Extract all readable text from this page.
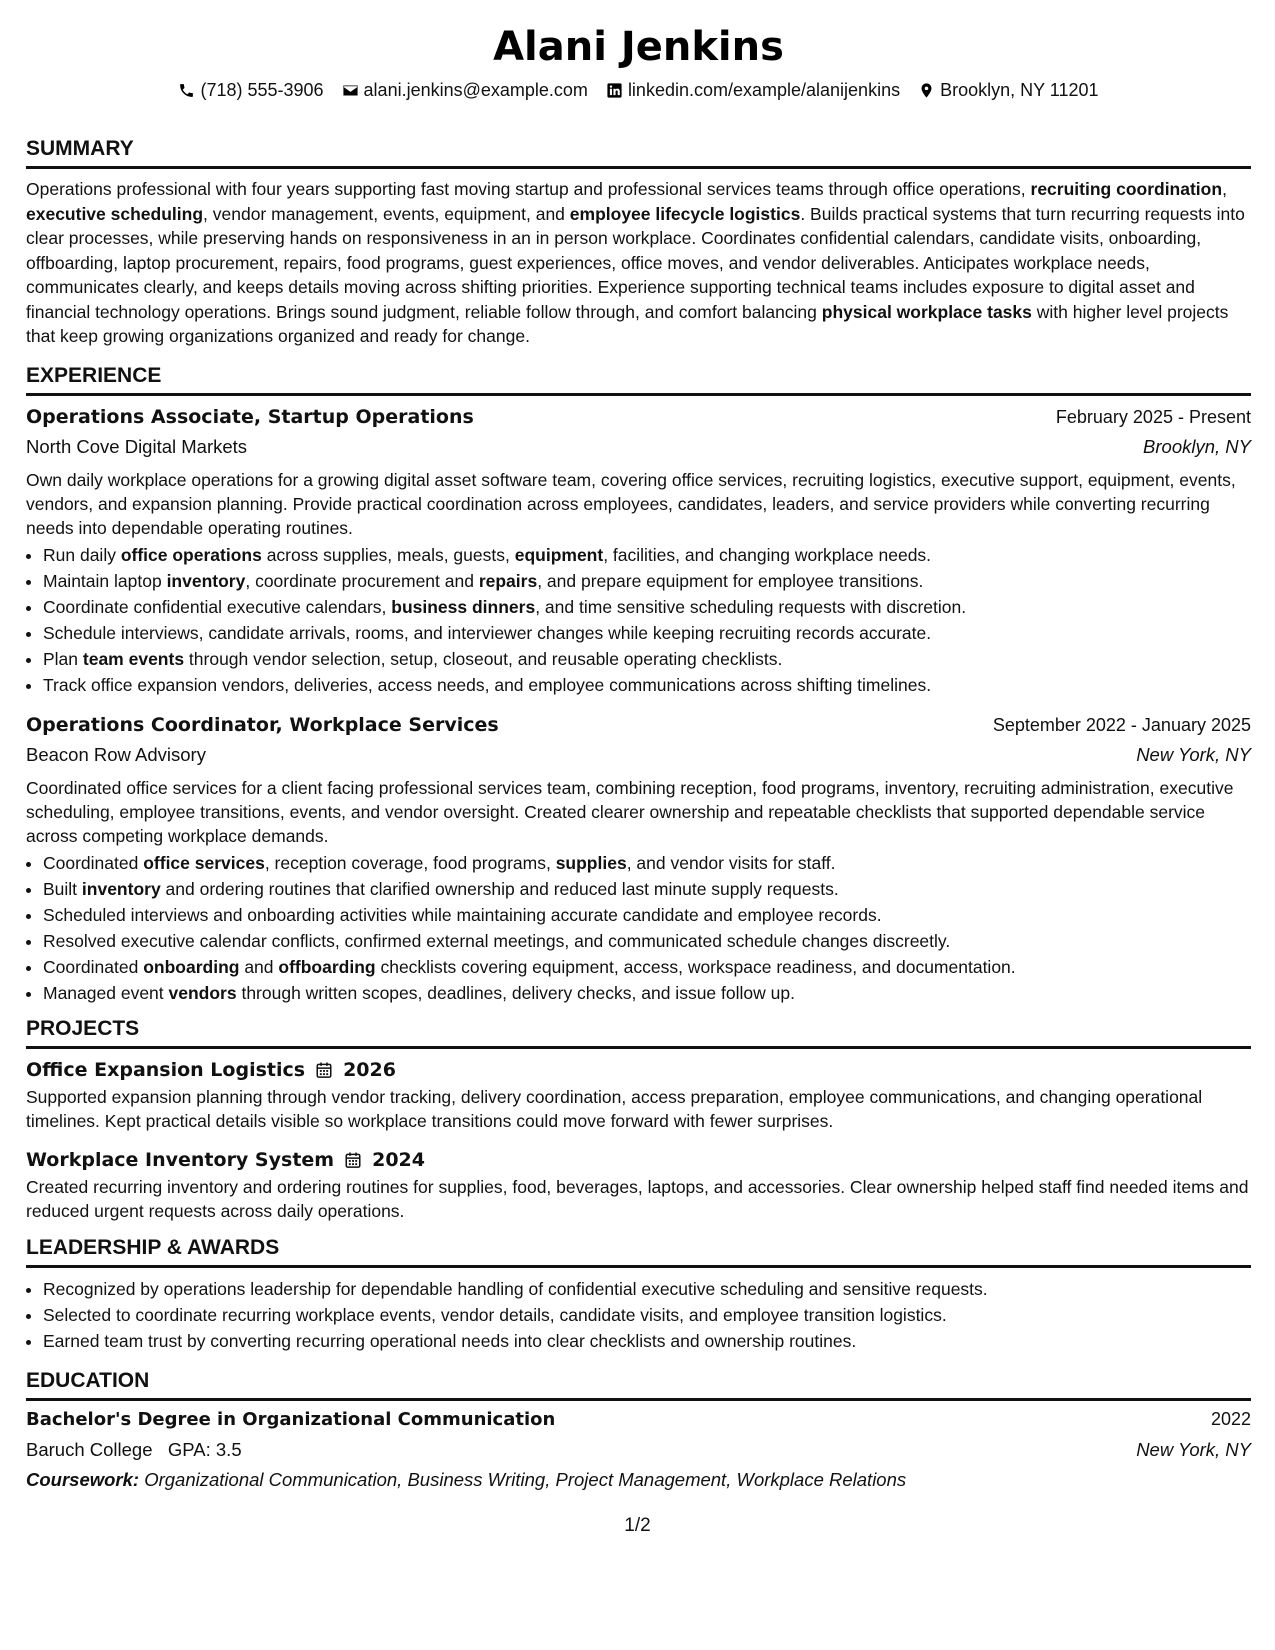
Alani Jenkins
(718) 555-3906 alani.jenkins@example.com linkedin.com/example/alanijenkins Brooklyn, NY 11201
SUMMARY

Operations professional with four years supporting fast moving startup and professional services teams through office operations, recruiting coordination, executive scheduling, vendor management, events, equipment, and employee lifecycle logistics. Builds practical systems that turn recurring requests into clear processes, while preserving hands on responsiveness in an in person workplace. Coordinates confidential calendars, candidate visits, onboarding, offboarding, laptop procurement, repairs, food programs, guest experiences, office moves, and vendor deliverables. Anticipates workplace needs, communicates clearly, and keeps details moving across shifting priorities. Experience supporting technical teams includes exposure to digital asset and financial technology operations. Brings sound judgment, reliable follow through, and comfort balancing physical workplace tasks with higher level projects that keep growing organizations organized and ready for change.

EXPERIENCE
Operations Associate, Startup Operations	February 2025 - Present
North Cove Digital Markets	Brooklyn, NY

Own daily workplace operations for a growing digital asset software team, covering office services, recruiting logistics, executive support, equipment, events, vendors, and expansion planning. Provide practical coordination across employees, candidates, leaders, and service providers while converting recurring needs into dependable operating routines.

• Run daily office operations across supplies, meals, guests, equipment, facilities, and changing workplace needs.
• Maintain laptop inventory, coordinate procurement and repairs, and prepare equipment for employee transitions.
• Coordinate confidential executive calendars, business dinners, and time sensitive scheduling requests with discretion.
• Schedule interviews, candidate arrivals, rooms, and interviewer changes while keeping recruiting records accurate.
• Plan team events through vendor selection, setup, closeout, and reusable operating checklists.
• Track office expansion vendors, deliveries, access needs, and employee communications across shifting timelines.
Operations Coordinator, Workplace Services	September 2022 - January 2025
Beacon Row Advisory	New York, NY

Coordinated office services for a client facing professional services team, combining reception, food programs, inventory, recruiting administration, executive scheduling, employee transitions, events, and vendor oversight. Created clearer ownership and repeatable checklists that supported dependable service across competing workplace demands.

• Coordinated office services, reception coverage, food programs, supplies, and vendor visits for staff.
• Built inventory and ordering routines that clarified ownership and reduced last minute supply requests.
• Scheduled interviews and onboarding activities while maintaining accurate candidate and employee records.
• Resolved executive calendar conflicts, confirmed external meetings, and communicated schedule changes discreetly.
• Coordinated onboarding and offboarding checklists covering equipment, access, workspace readiness, and documentation.
• Managed event vendors through written scopes, deadlines, delivery checks, and issue follow up.
PROJECTS
Office Expansion Logistics 2026

Supported expansion planning through vendor tracking, delivery coordination, access preparation, employee communications, and changing operational timelines. Kept practical details visible so workplace transitions could move forward with fewer surprises.

Workplace Inventory System 2024

Created recurring inventory and ordering routines for supplies, food, beverages, laptops, and accessories. Clear ownership helped staff find needed items and reduced urgent requests across daily operations.

LEADERSHIP & AWARDS
• Recognized by operations leadership for dependable handling of confidential executive scheduling and sensitive requests.
• Selected to coordinate recurring workplace events, vendor details, candidate visits, and employee transition logistics.
• Earned team trust by converting recurring operational needs into clear checklists and ownership routines.
EDUCATION
Bachelor's Degree in Organizational Communication	2022
Baruch College GPA: 3.5	New York, NY
Coursework: Organizational Communication, Business Writing, Project Management, Workplace Relations
1/2
